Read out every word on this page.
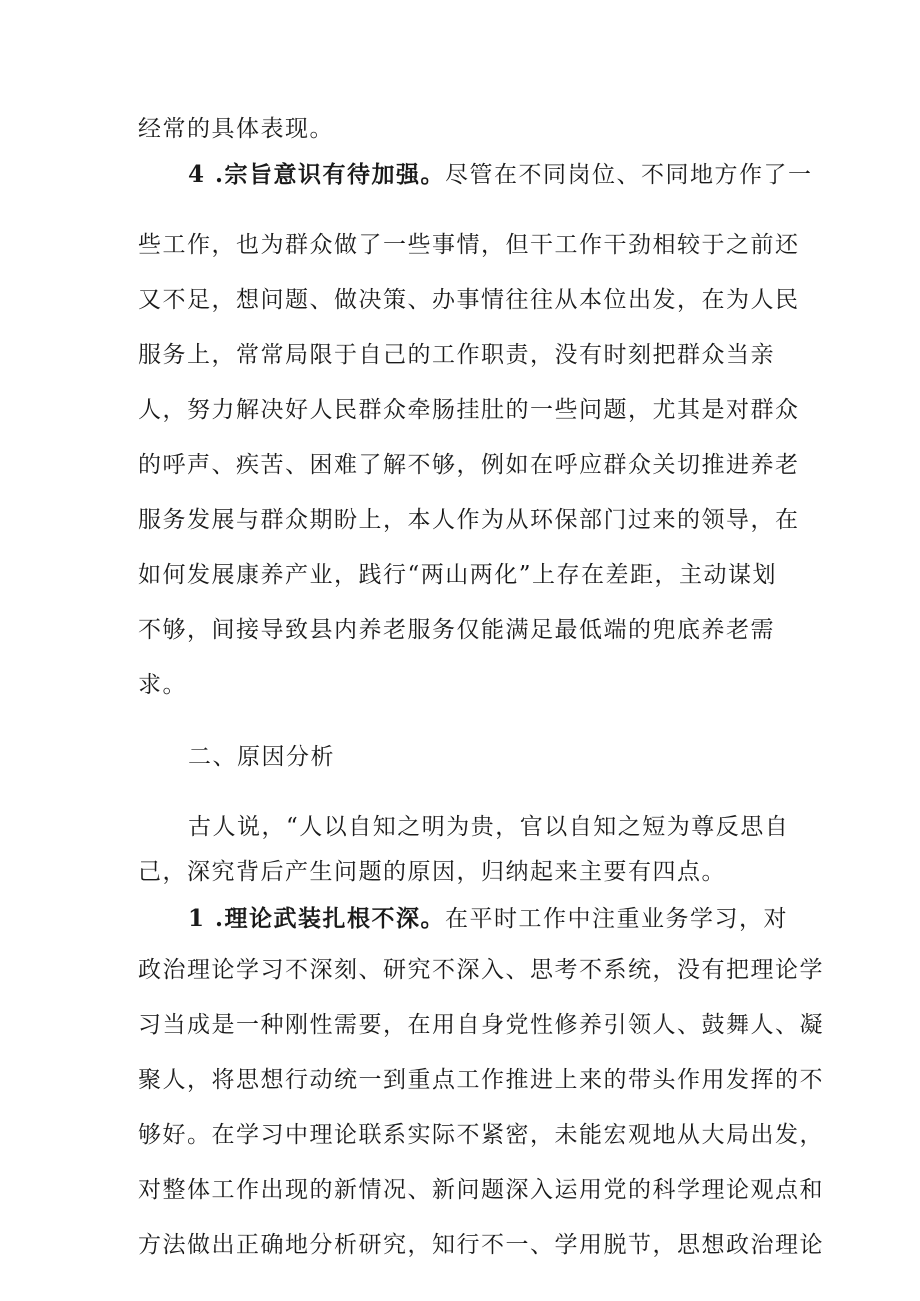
经常的具体表现。
4 .宗旨意识有待加强。尽管在不同岗位、不同地方作了一
些工作，也为群众做了一些事情，但干工作干劲相较于之前还
又不足，想问题、做决策、办事情往往从本位出发，在为人民
服务上，常常局限于自己的工作职责，没有时刻把群众当亲
人，努力解决好人民群众牵肠挂肚的一些问题，尤其是对群众
的呼声、疾苦、困难了解不够，例如在呼应群众关切推进养老
服务发展与群众期盼上，本人作为从环保部门过来的领导，在
如何发展康养产业，践行“两山两化”上存在差距，主动谋划
不够，间接导致县内养老服务仅能满足最低端的兜底养老需
求。
二、原因分析
古人说，“人以自知之明为贵，官以自知之短为尊反思自
己，深究背后产生问题的原因，归纳起来主要有四点。
1 .理论武装扎根不深。在平时工作中注重业务学习，对
政治理论学习不深刻、研究不深入、思考不系统，没有把理论学
习当成是一种刚性需要，在用自身党性修养引领人、鼓舞人、凝
聚人，将思想行动统一到重点工作推进上来的带头作用发挥的不
够好。在学习中理论联系实际不紧密，未能宏观地从大局出发，
对整体工作出现的新情况、新问题深入运用党的科学理论观点和
方法做出正确地分析研究，知行不一、学用脱节，思想政治理论
